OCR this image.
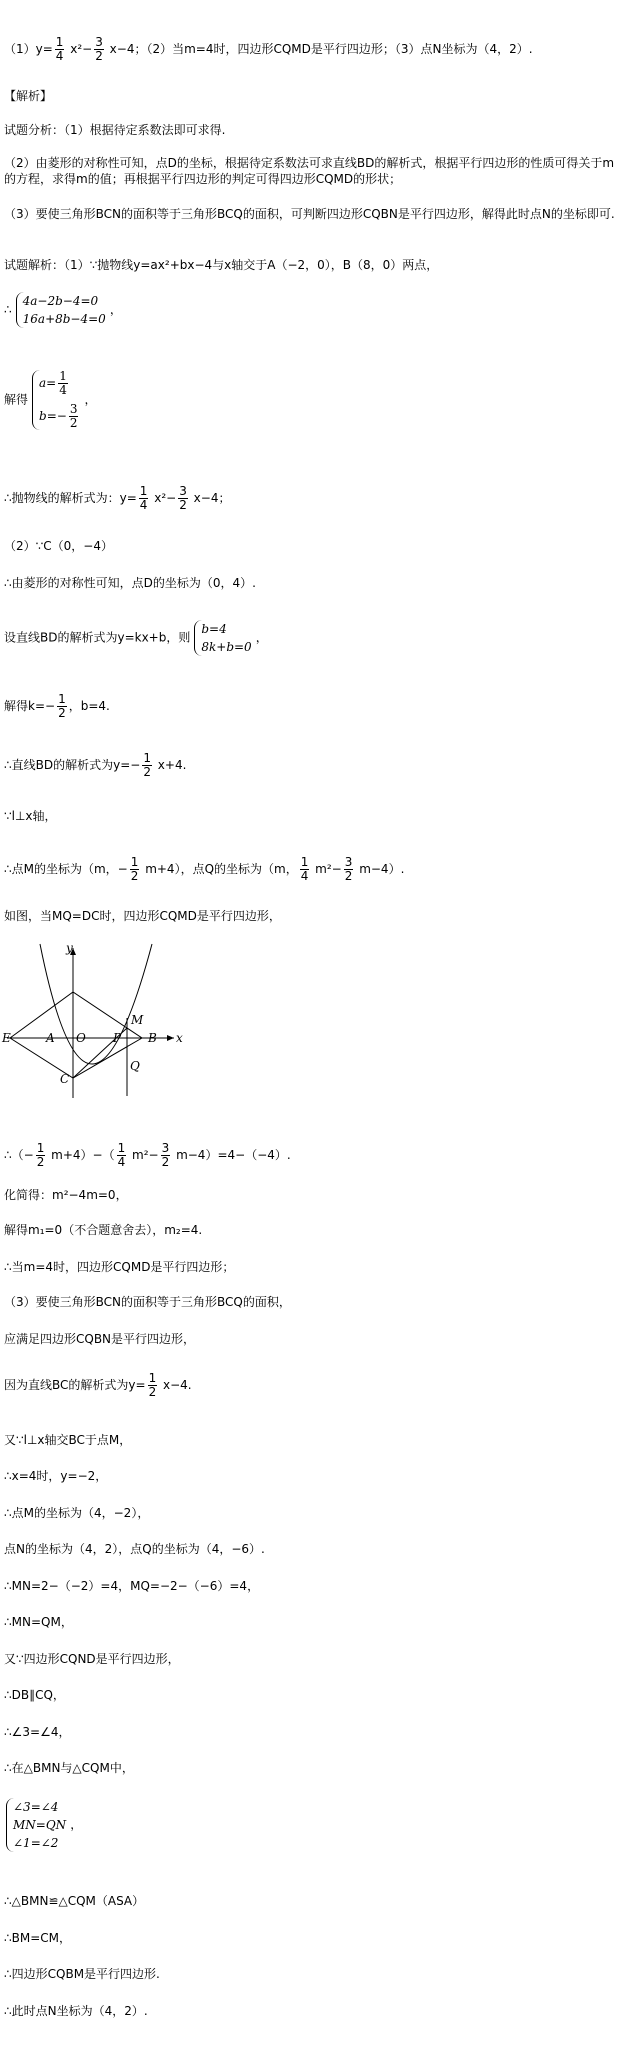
$(1)y= \frac{1}{4} x^2- \frac{3}{2} x-4$；（2）当m=4时，四边形CQMD是平行四边形；（3）点N坐标为（4，2）.
【解析】
试题分析：（1）根据待定系数法即可求得.
（2）由菱形的对称性可知，点D的坐标，根据待定系数法可求直线BD的解析式，根据平行四边形的性质可得关于m的方程，求得m的值；再根据平行四边形的判定可得四边形CQMD的形状；
（3）要使三角形BCN的面积等于三角形BCQ的面积，可判断四边形CQBN是平行四边形，解得此时点N的坐标即可.
试题解析：（1）∵抛物线y=ax²+bx−4与x轴交于A（−2，0），B（8，0）两点，
∴
4a−2b−4=0
16a+8b−4=0
，
解得
$a= \frac{1}{4}$
$b=- \frac{3}{2}$
，
∴抛物线的解析式为：$y= \frac{1}{4} x^2- \frac{3}{2} x-4$；
（2）∵C（0，−4）
∴由菱形的对称性可知，点D的坐标为（0，4）.
设直线BD的解析式为y=kx+b，则
b=4
8k+b=0
，
解得$k=- \frac{1}{2}$ ，b=4.
∴直线BD的解析式为$y=- \frac{1}{2} x+4$.
∵l⊥x轴，
∴点M的坐标为（m，− $\frac{1}{2} m+4$），点Q的坐标为（m， $\frac{1}{4} m^2- \frac{3}{2} m-4$）.
如图，当MQ=DC时，四边形CQMD是平行四边形，
y
x
E	A O P B
C
Q
M
∴（− $\frac{1}{2} m+4)-( \frac{1}{4} m^2- \frac{3}{2} m-4)=4-(-4)$.
化简得：m²−4m=0，
解得m₁=0（不合题意舍去），m₂=4.
∴当m=4时，四边形CQMD是平行四边形；
（3）要使三角形BCN的面积等于三角形BCQ的面积，
应满足四边形CQBN是平行四边形，
因为直线BC的解析式为$y= \frac{1}{2} x-4$.
又∵l⊥x轴交BC于点M，
∴x=4时，y=−2，
∴点M的坐标为（4，−2），
点N的坐标为（4，2），点Q的坐标为（4，−6）.
∴MN=2−（−2）=4，MQ=−2−（−6）=4，
∴MN=QM，
又∵四边形CQND是平行四边形，
∴DB∥CQ，
∴∠3=∠4，
∴在△BMN与△CQM中，
∠3=∠4
MN=QN
∠1=∠2
，
∴△BMN≌△CQM（ASA）
∴BM=CM，
∴四边形CQBM是平行四边形.
∴此时点N坐标为（4，2）.
